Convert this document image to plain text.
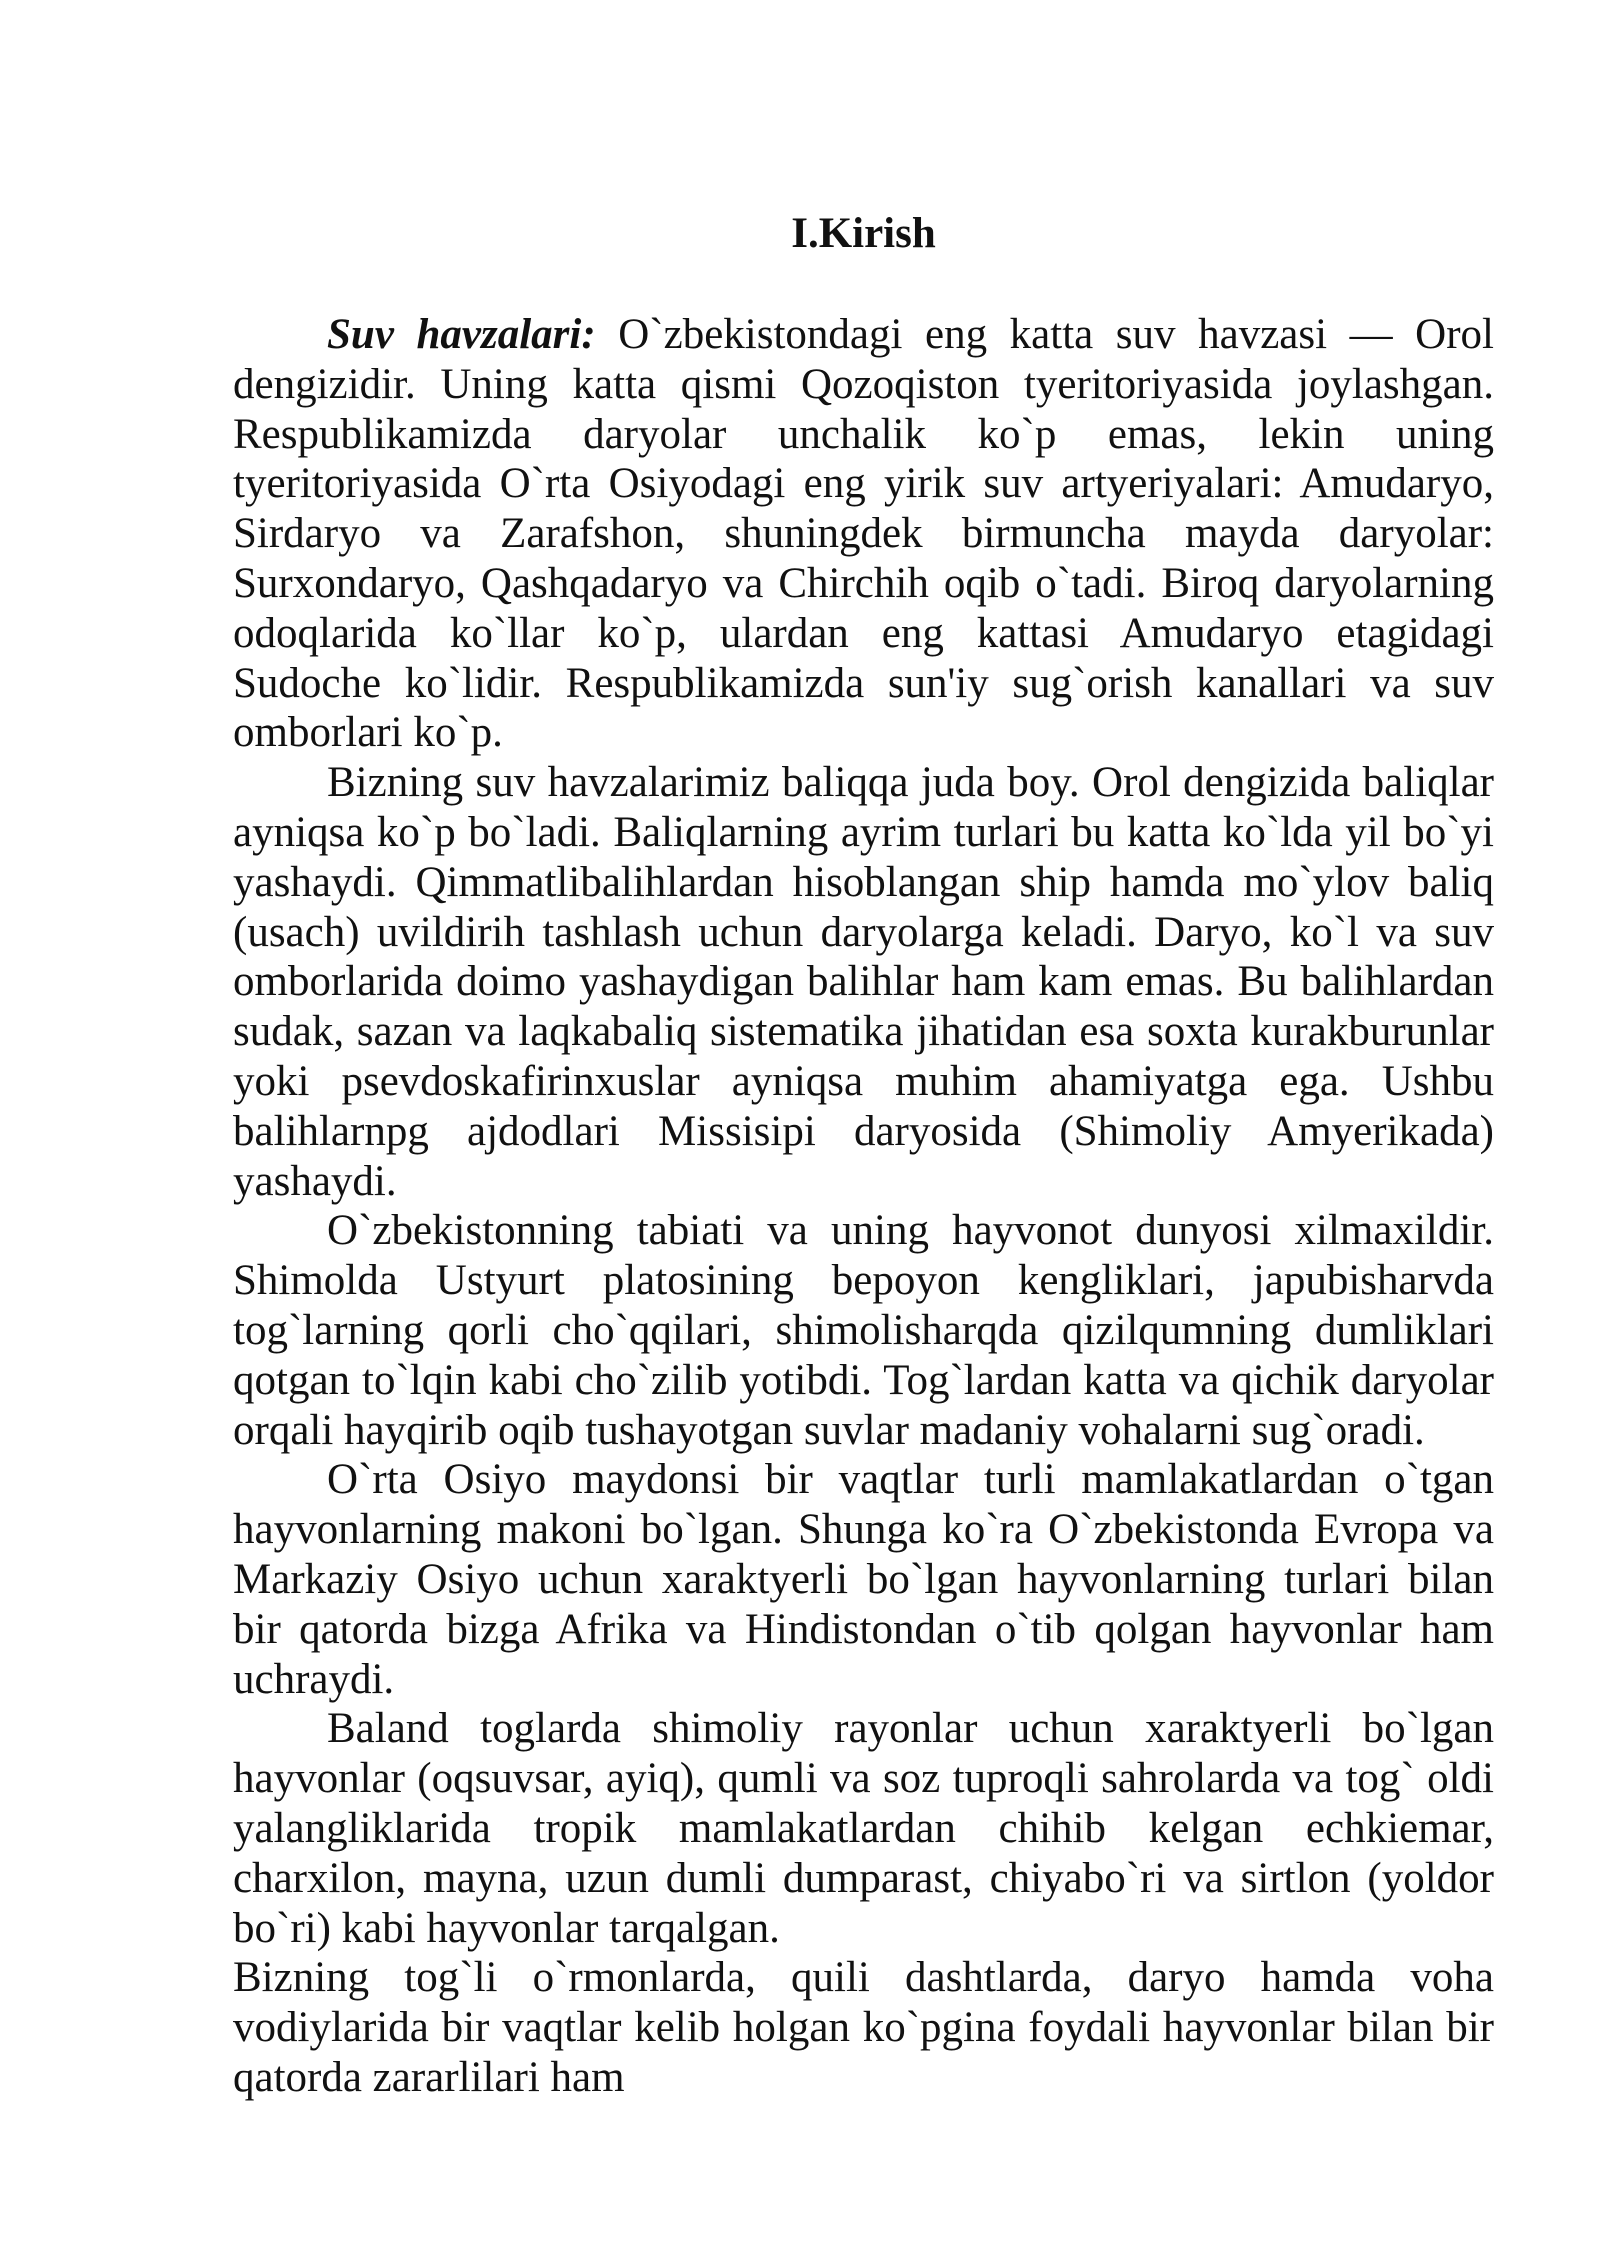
I.Kirish
Suv havzalari: O`zbekistondagi eng katta suv havzasi — Orol
dengizidir. Uning katta qismi Qozoqiston tyeritoriyasida joylashgan.
Respublikamizda daryolar unchalik ko`p emas, lekin uning
tyeritoriyasida O`rta Osiyodagi eng yirik suv artyeriyalari: Amudaryo,
Sirdaryo va Zarafshon, shuningdek birmuncha mayda daryolar:
Surxondaryo, Qashqadaryo va Chirchih oqib o`tadi. Biroq daryolarning
odoqlarida ko`llar ko`p, ulardan eng kattasi Amudaryo etagidagi
Sudoche ko`lidir. Respublikamizda sun'iy sug`orish kanallari va suv
omborlari ko`p.
Bizning suv havzalarimiz baliqqa juda boy. Orol dengizida baliqlar
ayniqsa ko`p bo`ladi. Baliqlarning ayrim turlari bu katta ko`lda yil bo`yi
yashaydi. Qimmatlibalihlardan hisoblangan ship hamda mo`ylov baliq
(usach) uvildirih tashlash uchun daryolarga keladi. Daryo, ko`l va suv
omborlarida doimo yashaydigan balihlar ham kam emas. Bu balihlardan
sudak, sazan va laqkabaliq sistematika jihatidan esa soxta kurakburunlar
yoki psevdoskafirinxuslar ayniqsa muhim ahamiyatga ega. Ushbu
balihlarnpg ajdodlari Missisipi daryosida (Shimoliy Amyerikada)
yashaydi.
O`zbekistonning tabiati va uning hayvonot dunyosi xilmaxildir.
Shimolda Ustyurt platosining bepoyon kengliklari, japubisharvda
tog`larning qorli cho`qqilari, shimolisharqda qizilqumning dumliklari
qotgan to`lqin kabi cho`zilib yotibdi. Tog`lardan katta va qichik daryolar
orqali hayqirib oqib tushayotgan suvlar madaniy vohalarni sug`oradi.
O`rta Osiyo maydonsi bir vaqtlar turli mamlakatlardan o`tgan
hayvonlarning makoni bo`lgan. Shunga ko`ra O`zbekistonda Evropa va
Markaziy Osiyo uchun xaraktyerli bo`lgan hayvonlarning turlari bilan
bir qatorda bizga Afrika va Hindistondan o`tib qolgan hayvonlar ham
uchraydi.
Baland toglarda shimoliy rayonlar uchun xaraktyerli bo`lgan
hayvonlar (oqsuvsar, ayiq), qumli va soz tuproqli sahrolarda va tog` oldi
yalangliklarida tropik mamlakatlardan chihib kelgan echkiemar,
charxilon, mayna, uzun dumli dumparast, chiyabo`ri va sirtlon (yoldor
bo`ri) kabi hayvonlar tarqalgan.
Bizning tog`li o`rmonlarda, quili dashtlarda, daryo hamda voha
vodiylarida bir vaqtlar kelib holgan ko`pgina foydali hayvonlar bilan bir
qatorda zararlilari ham
